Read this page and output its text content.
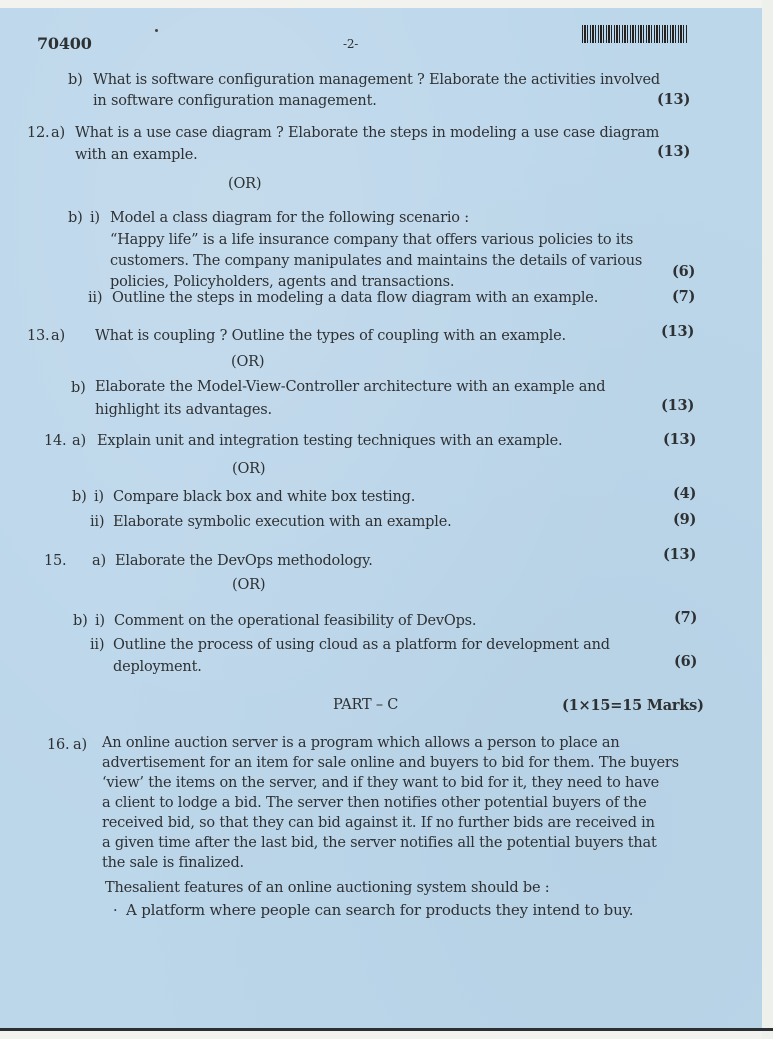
70400	-2-
b) What is software configuration management ? Elaborate the activities involved
in software configuration management.	(13)
12. a) What is a use case diagram ? Elaborate the steps in modeling a use case diagram
with an example.	(13)
(OR)
b) i) Model a class diagram for the following scenario :
“Happy life” is a life insurance company that offers various policies to its
customers. The company manipulates and maintains the details of various
policies, Policyholders, agents and transactions.
(6)
ii) Outline the steps in modeling a data flow diagram with an example.	(7)
13. a) What is coupling ? Outline the types of coupling with an example.	(13)
(OR)
b) Elaborate the Model-View-Controller architecture with an example and
highlight its advantages.	(13)
14. a) Explain unit and integration testing techniques with an example.	(13)
(OR)
b) i) Compare black box and white box testing.	(4)
ii) Elaborate symbolic execution with an example.	(9)
15. a) Elaborate the DevOps methodology.	(13)
(OR)
b) i) Comment on the operational feasibility of DevOps.	(7)
ii) Outline the process of using cloud as a platform for development and
deployment.	(6)
PART – C	(1×15=15 Marks)
16. a) An online auction server is a program which allows a person to place an
advertisement for an item for sale online and buyers to bid for them. The buyers
‘view’ the items on the server, and if they want to bid for it, they need to have
a client to lodge a bid. The server then notifies other potential buyers of the
received bid, so that they can bid against it. If no further bids are received in
a given time after the last bid, the server notifies all the potential buyers that
the sale is finalized.
Thesalient features of an online auctioning system should be :
· A platform where people can search for products they intend to buy.
